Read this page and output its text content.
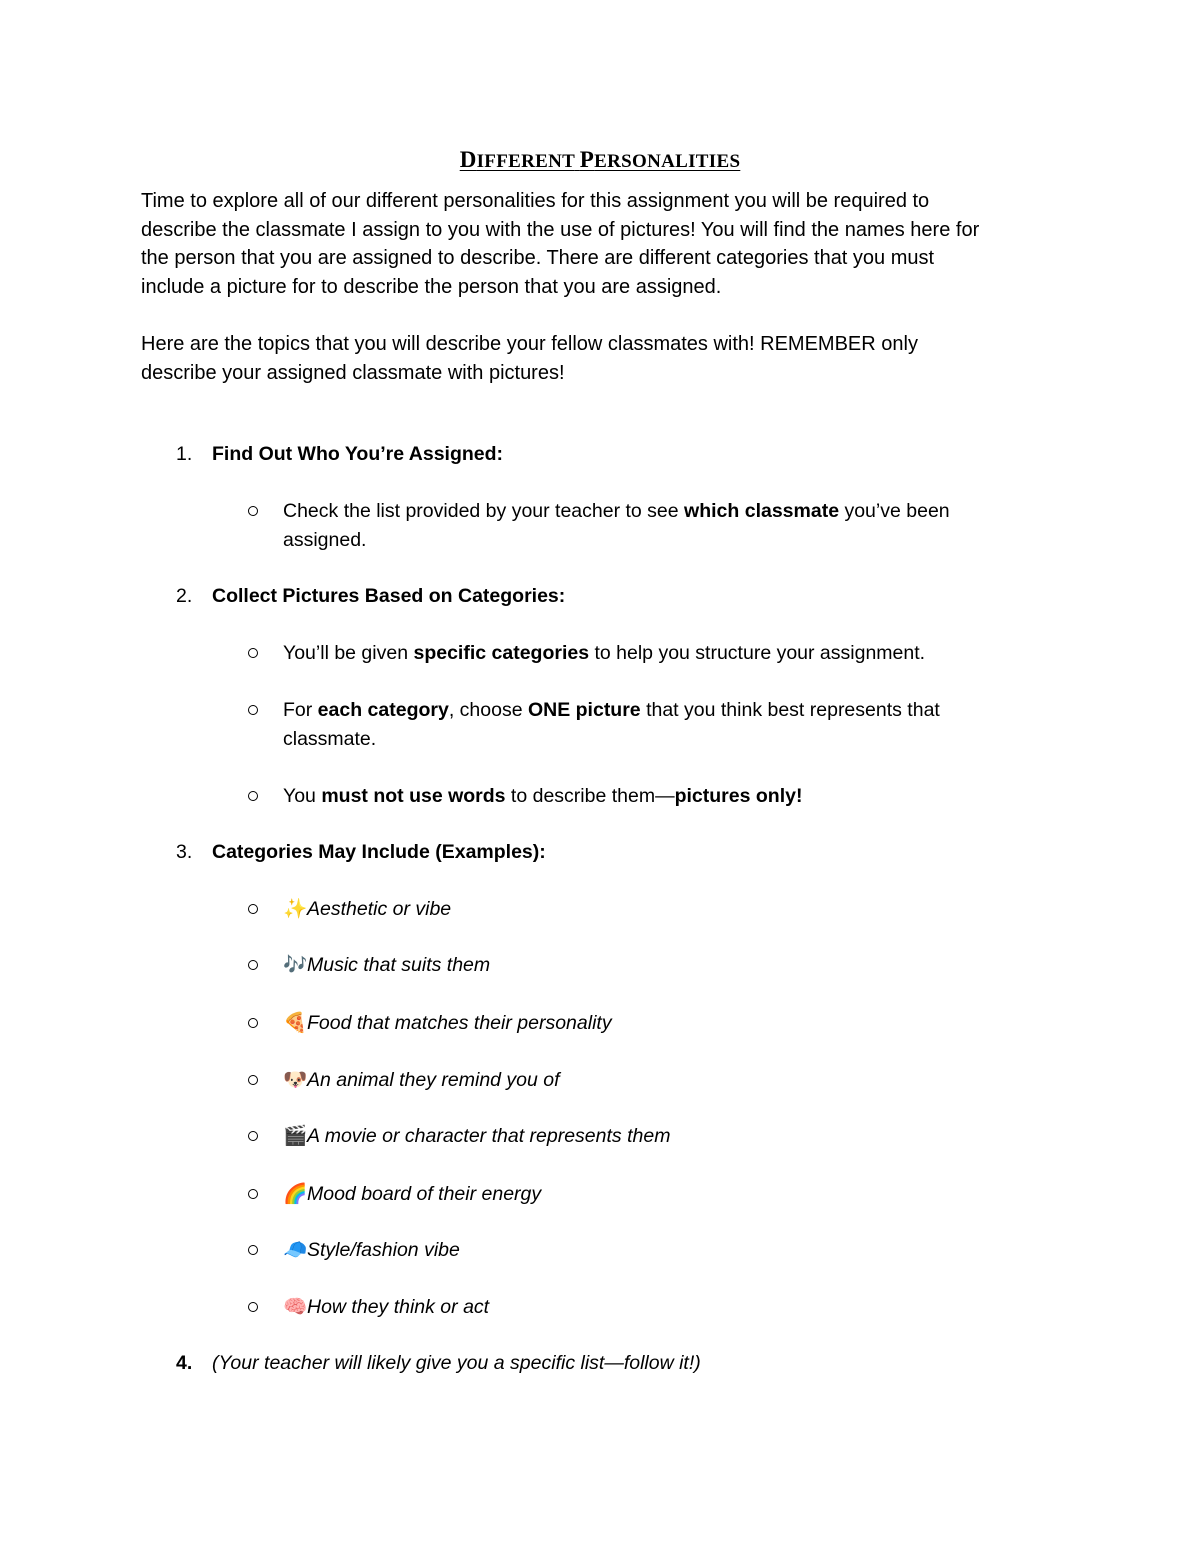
DIFFERENT PERSONALITIES

Time to explore all of our different personalities for this assignment you will be required to

describe the classmate I assign to you with the use of pictures! You will find the names here for

the person that you are assigned to describe. There are different categories that you must

include a picture for to describe the person that you are assigned.

Here are the topics that you will describe your fellow classmates with! REMEMBER only

describe your assigned classmate with pictures!

1. Find Out Who You’re Assigned:
Check the list provided by your teacher to see which classmate you’ve been
assigned.
2. Collect Pictures Based on Categories:
You’ll be given specific categories to help you structure your assignment.
For each category, choose ONE picture that you think best represents that
classmate.
You must not use words to describe them—pictures only!
3. Categories May Include (Examples):
✨Aesthetic or vibe
🎶Music that suits them
🍕Food that matches their personality
🐶An animal they remind you of
🎬A movie or character that represents them
🌈Mood board of their energy
🧢Style/fashion vibe
🧠How they think or act
4. (Your teacher will likely give you a specific list—follow it!)
